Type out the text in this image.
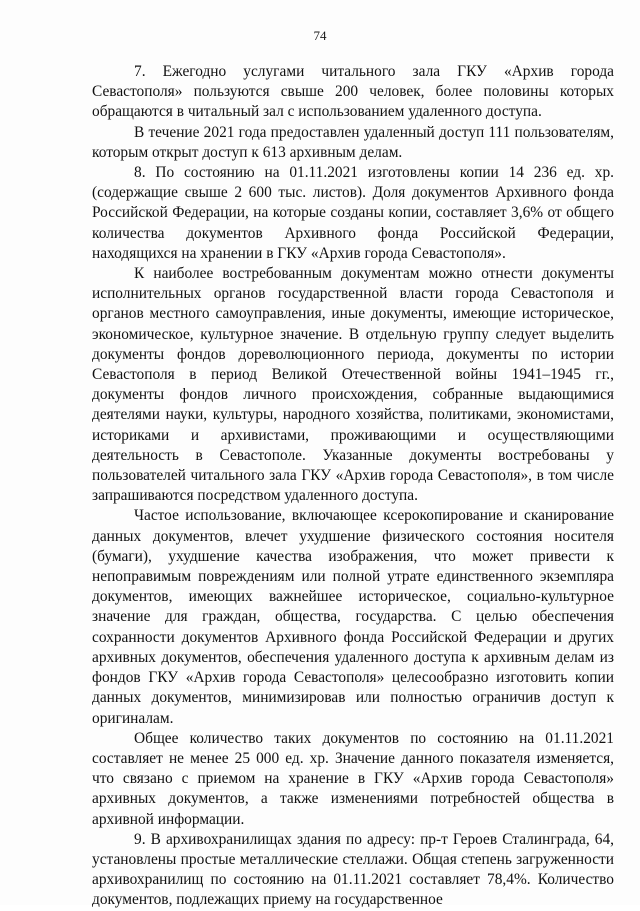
74

7. Ежегодно услугами читального зала ГКУ «Архив города Севастополя» пользуются свыше 200 человек, более половины которых обращаются в читальный зал с использованием удаленного доступа.

В течение 2021 года предоставлен удаленный доступ 111 пользователям, которым открыт доступ к 613 архивным делам.

8. По состоянию на 01.11.2021 изготовлены копии 14 236 ед. хр. (содержащие свыше 2 600 тыс. листов). Доля документов Архивного фонда Российской Федерации, на которые созданы копии, составляет 3,6% от общего количества документов Архивного фонда Российской Федерации, находящихся на хранении в ГКУ «Архив города Севастополя».

К наиболее востребованным документам можно отнести документы исполнительных органов государственной власти города Севастополя и органов местного самоуправления, иные документы, имеющие историческое, экономическое, культурное значение. В отдельную группу следует выделить документы фондов дореволюционного периода, документы по истории Севастополя в период Великой Отечественной войны 1941–1945 гг., документы фондов личного происхождения, собранные выдающимися деятелями науки, культуры, народного хозяйства, политиками, экономистами, историками и архивистами, проживающими и осуществляющими деятельность в Севастополе. Указанные документы востребованы у пользователей читального зала ГКУ «Архив города Севастополя», в том числе запрашиваются посредством удаленного доступа.

Частое использование, включающее ксерокопирование и сканирование данных документов, влечет ухудшение физического состояния носителя (бумаги), ухудшение качества изображения, что может привести к непоправимым повреждениям или полной утрате единственного экземпляра документов, имеющих важнейшее историческое, социально-культурное значение для граждан, общества, государства. С целью обеспечения сохранности документов Архивного фонда Российской Федерации и других архивных документов, обеспечения удаленного доступа к архивным делам из фондов ГКУ «Архив города Севастополя» целесообразно изготовить копии данных документов, минимизировав или полностью ограничив доступ к оригиналам.

Общее количество таких документов по состоянию на 01.11.2021 составляет не менее 25 000 ед. хр. Значение данного показателя изменяется, что связано с приемом на хранение в ГКУ «Архив города Севастополя» архивных документов, а также изменениями потребностей общества в архивной информации.

9. В архивохранилищах здания по адресу: пр-т Героев Сталинграда, 64, установлены простые металлические стеллажи. Общая степень загруженности архивохранилищ по состоянию на 01.11.2021 составляет 78,4%. Количество документов, подлежащих приему на государственное
